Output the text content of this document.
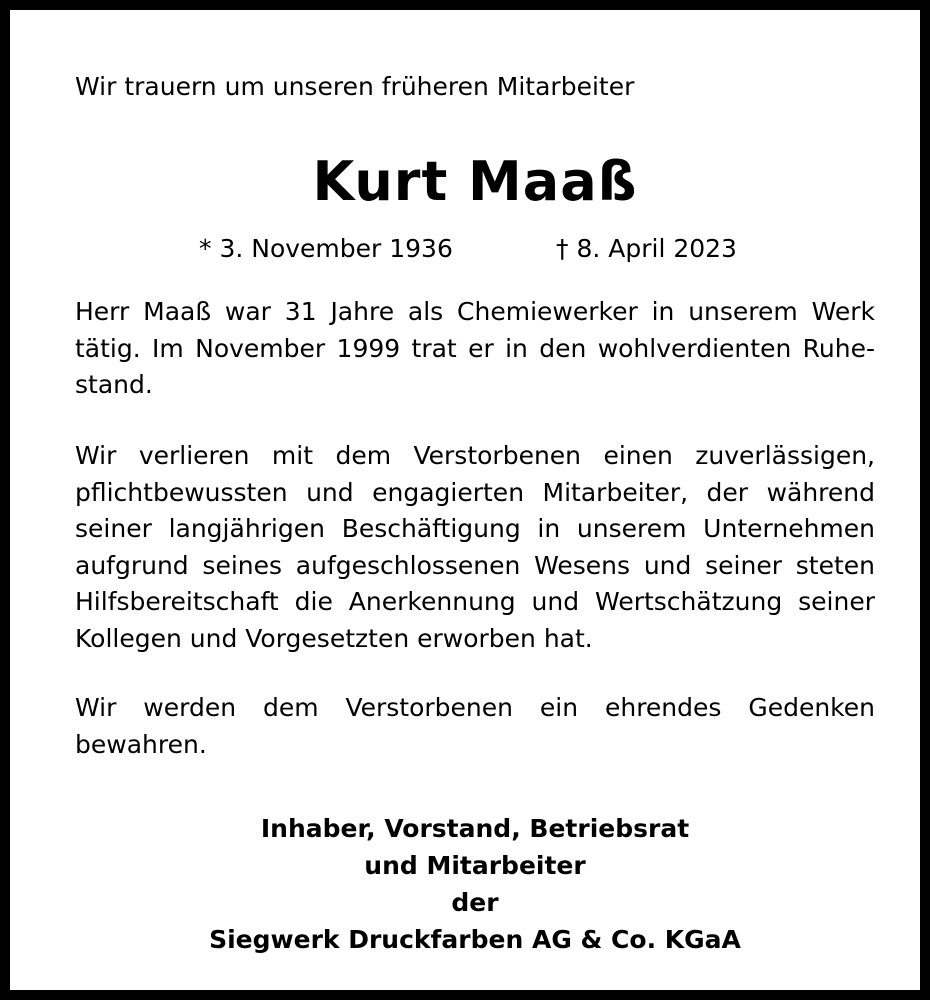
Wir trauern um unseren früheren Mitarbeiter
Kurt Maaß
* 3. November 1936	† 8. April 2023

Herr Maaß war 31 Jahre als Chemiewerker in unserem Werk
tätig. Im November 1999 trat er in den wohlverdienten Ruhe-
stand.

Wir verlieren mit dem Verstorbenen einen zuverlässigen,
pflichtbewussten und engagierten Mitarbeiter, der während
seiner langjährigen Beschäftigung in unserem Unternehmen
aufgrund seines aufgeschlossenen Wesens und seiner steten
Hilfsbereitschaft die Anerkennung und Wertschätzung seiner
Kollegen und Vorgesetzten erworben hat.

Wir werden dem Verstorbenen ein ehrendes Gedenken
bewahren.

Inhaber, Vorstand, Betriebsrat
und Mitarbeiter
der
Siegwerk Druckfarben AG & Co. KGaA
